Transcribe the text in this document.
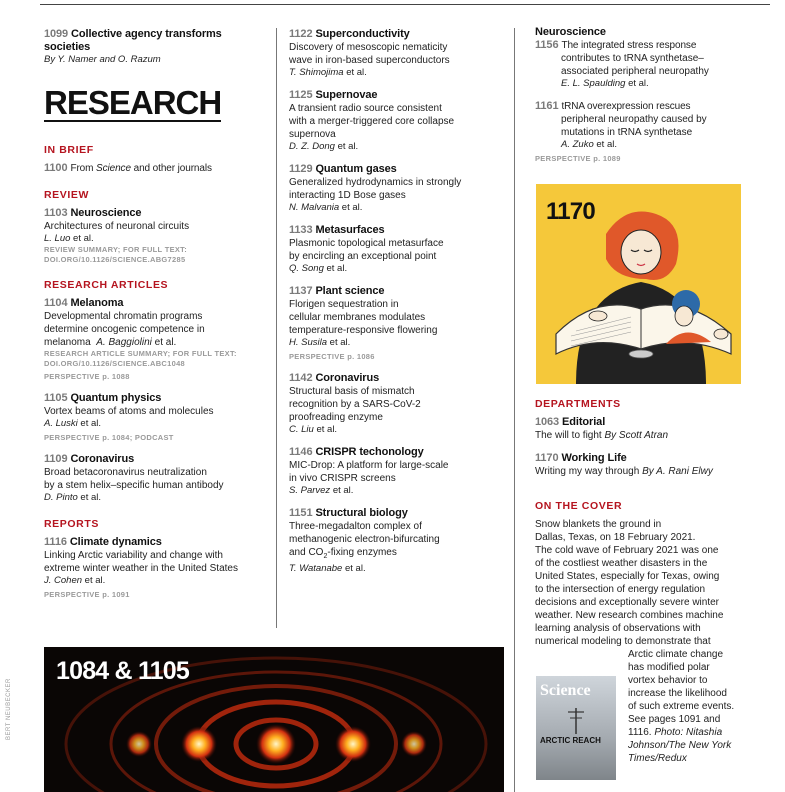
1099 Collective agency transforms societies
By Y. Namer and O. Razum
RESEARCH
IN BRIEF
1100 From Science and other journals
REVIEW
1103 Neuroscience
Architectures of neuronal circuits
L. Luo et al.
REVIEW SUMMARY; FOR FULL TEXT:
DOI.ORG/10.1126/SCIENCE.ABG7285
RESEARCH ARTICLES
1104 Melanoma
Developmental chromatin programs
determine oncogenic competence in
melanoma A. Baggiolini et al.
RESEARCH ARTICLE SUMMARY; FOR FULL TEXT:
DOI.ORG/10.1126/SCIENCE.ABC1048
PERSPECTIVE p. 1088
1105 Quantum physics
Vortex beams of atoms and molecules
A. Luski et al.
PERSPECTIVE p. 1084; PODCAST
1109 Coronavirus
Broad betacoronavirus neutralization
by a stem helix–specific human antibody
D. Pinto et al.
REPORTS
1116 Climate dynamics
Linking Arctic variability and change with
extreme winter weather in the United States
J. Cohen et al.
PERSPECTIVE p. 1091
1122 Superconductivity
Discovery of mesoscopic nematicity
wave in iron-based superconductors
T. Shimojima et al.
1125 Supernovae
A transient radio source consistent
with a merger-triggered core collapse
supernova
D. Z. Dong et al.
1129 Quantum gases
Generalized hydrodynamics in strongly
interacting 1D Bose gases
N. Malvania et al.
1133 Metasurfaces
Plasmonic topological metasurface
by encircling an exceptional point
Q. Song et al.
1137 Plant science
Florigen sequestration in
cellular membranes modulates
temperature-responsive flowering
H. Susila et al.
PERSPECTIVE p. 1086
1142 Coronavirus
Structural basis of mismatch
recognition by a SARS-CoV-2
proofreading enzyme
C. Liu et al.
1146 CRISPR techonology
MIC-Drop: A platform for large-scale
in vivo CRISPR screens
S. Parvez et al.
1151 Structural biology
Three-megadalton complex of
methanogenic electron-bifurcating
and $CO_2$-fixing enzymes
T. Watanabe et al.
Neuroscience
1156 The integrated stress response
contributes to tRNA synthetase–
associated peripheral neuropathy
E. L. Spaulding et al.
1161 tRNA overexpression rescues
peripheral neuropathy caused by
mutations in tRNA synthetase
A. Zuko et al.
PERSPECTIVE p. 1089
1170
DEPARTMENTS
1063 Editorial
The will to fight By Scott Atran
1170 Working Life
Writing my way through By A. Rani Elwy
ON THE COVER
Snow blankets the ground in
Dallas, Texas, on 18 February 2021.
The cold wave of February 2021 was one
of the costliest weather disasters in the
United States, especially for Texas, owing
to the intersection of energy regulation
decisions and exceptionally severe winter
weather. New research combines machine
learning analysis of observations with
numerical modeling to demonstrate that
Arctic climate change
has modified polar
vortex behavior to
increase the likelihood
of such extreme events.
See pages 1091 and
1116. Photo: Nitashia
Johnson/The New York
Times/Redux
Science
ARCTIC REACH
1084 & 1105
BERT NEUBECKER
